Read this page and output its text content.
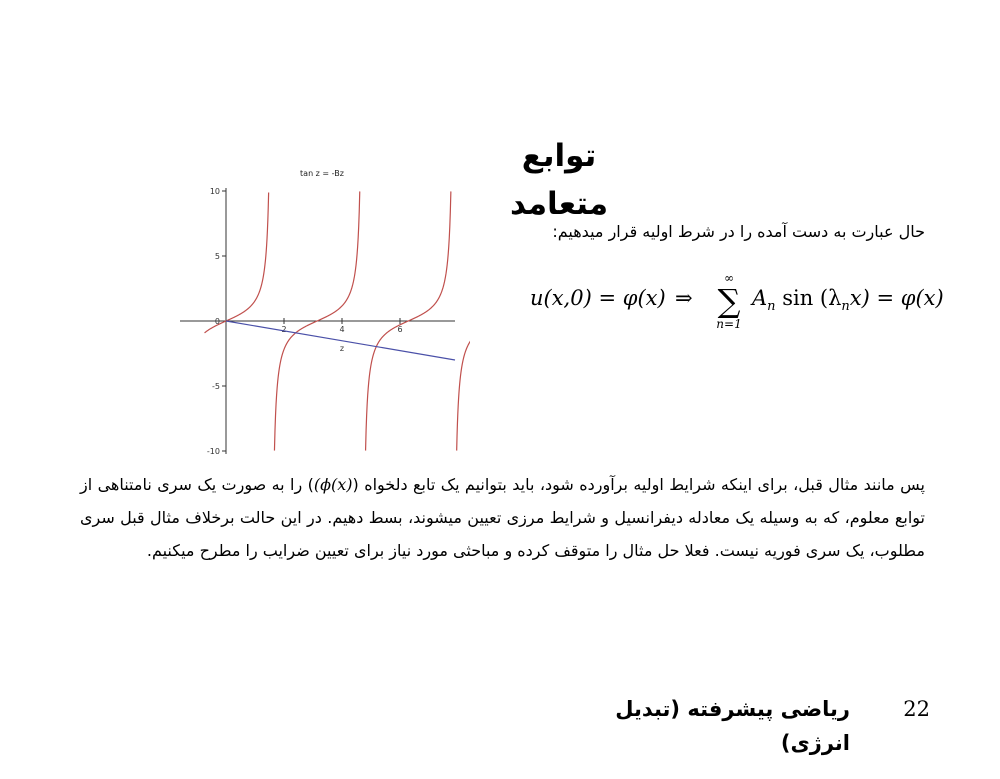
توابع متعامد
حال عبارت به دست آمده را در شرط اولیه قرار میدهیم:
u(x,0) = φ(x) ⇒
∞
∑
n=1
$A_n$ $\sin (\lambda_nx) = \varphi(x)$
tan z = -Bz
10
5
0
-5
-10
2	4	6
z
پس مانند مثال قبل، برای اینکه شرایط اولیه برآورده شود، باید بتوانیم یک تابع دلخواه ((ϕ(x)) را به صورت یک سری نامتناهی از توابع معلوم، که به وسیله یک معادله دیفرانسیل و شرایط مرزی تعیین میشوند، بسط دهیم. در این حالت برخلاف مثال قبل سری مطلوب، یک سری فوریه نیست. فعلا حل مثال را متوقف کرده و مباحثی مورد نیاز برای تعیین ضرایب را مطرح میکنیم.
ریاضی پیشرفته (تبدیل انرژی)
22
